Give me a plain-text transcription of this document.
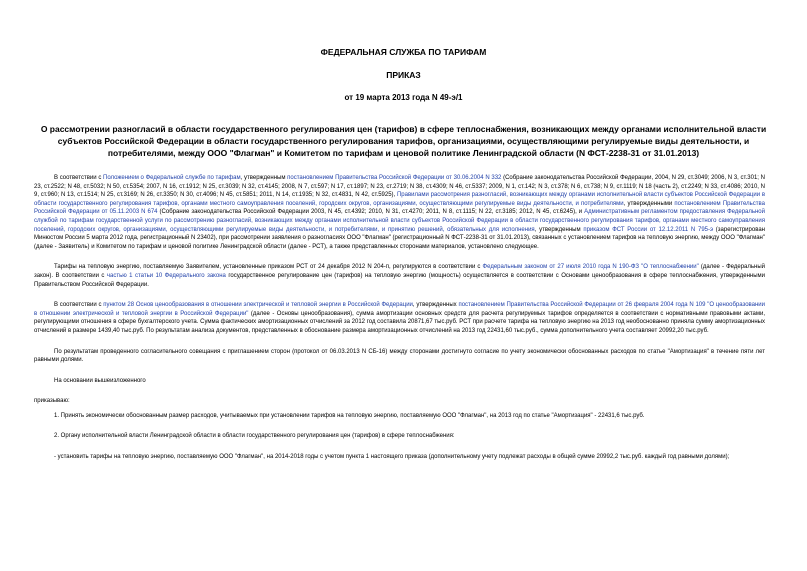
ФЕДЕРАЛЬНАЯ СЛУЖБА ПО ТАРИФАМ
ПРИКАЗ
от 19 марта 2013 года N 49-э/1
О рассмотрении разногласий в области государственного регулирования цен (тарифов) в сфере теплоснабжения, возникающих между органами исполнительной власти субъектов Российской Федерации в области государственного регулирования тарифов, организациями, осуществляющими регулируемые виды деятельности, и потребителями, между ООО "Флагман" и Комитетом по тарифам и ценовой политике Ленинградской области (N ФСТ-2238-31 от 31.01.2013)

В соответствии с Положением о Федеральной службе по тарифам, утвержденным постановлением Правительства Российской Федерации от 30.06.2004 N 332 (Собрание законодательства Российской Федерации, 2004, N 29, ст.3049; 2006, N 3, ст.301; N 23, ст.2522; N 48, ст.5032; N 50, ст.5354; 2007, N 16, ст.1912; N 25, ст.3039; N 32, ст.4145; 2008, N 7, ст.597; N 17, ст.1897; N 23, ст.2719; N 38, ст.4309; N 46, ст.5337; 2009, N 1, ст.142; N 3, ст.378; N 6, ст.738; N 9, ст.1119; N 18 (часть 2), ст.2249; N 33, ст.4086; 2010, N 9, ст.960; N 13, ст.1514; N 25, ст.3169; N 26, ст.3350; N 30, ст.4096; N 45, ст.5851; 2011, N 14, ст.1935; N 32, ст.4831, N 42, ст.5925), Правилами рассмотрения разногласий, возникающих между органами исполнительной власти субъектов Российской Федерации в области государственного регулирования тарифов, органами местного самоуправления поселений, городских округов, организациями, осуществляющими регулируемые виды деятельности, и потребителями, утвержденными постановлением Правительства Российской Федерации от 05.11.2003 N 674 (Собрание законодательства Российской Федерации 2003, N 45, ст.4392; 2010, N 31, ст.4270; 2011, N 8, ст.1115; N 22, ст.3185; 2012, N 45, ст.6245), и Административным регламентом предоставления Федеральной службой по тарифам государственной услуги по рассмотрению разногласий, возникающих между органами исполнительной власти субъектов Российской Федерации в области государственного регулирования тарифов, органами местного самоуправления поселений, городских округов, организациями, осуществляющими регулируемые виды деятельности, и потребителями, и принятию решений, обязательных для исполнения, утвержденным приказом ФСТ России от 12.12.2011 N 795-э (зарегистрирован Минюстом России 5 марта 2012 года, регистрационный N 23402), при рассмотрении заявления о разногласиях ООО "Флагман" (регистрационный N ФСТ-2238-31 от 31.01.2013), связанных с установлением тарифов на тепловую энергию, между ООО "Флагман" (далее - Заявитель) и Комитетом по тарифам и ценовой политике Ленинградской области (далее - РСТ), а также представленных сторонами материалов, установлено следующее.

Тарифы на тепловую энергию, поставляемую Заявителем, установленные приказом РСТ от 24 декабря 2012 N 204-п, регулируются в соответствии с Федеральным законом от 27 июля 2010 года N 190-ФЗ "О теплоснабжении" (далее - Федеральный закон). В соответствии с частью 1 статьи 10 Федерального закона государственное регулирование цен (тарифов) на тепловую энергию (мощность) осуществляется в соответствии с Основами ценообразования в сфере теплоснабжения, утвержденными Правительством Российской Федерации.

В соответствии с пунктом 28 Основ ценообразования в отношении электрической и тепловой энергии в Российской Федерации, утвержденных постановлением Правительства Российской Федерации от 26 февраля 2004 года N 109 "О ценообразовании в отношении электрической и тепловой энергии в Российской Федерации" (далее - Основы ценообразования), сумма амортизации основных средств для расчета регулируемых тарифов определяется в соответствии с нормативными правовыми актами, регулирующими отношения в сфере бухгалтерского учета. Сумма фактических амортизационных отчислений за 2012 год составила 20871,67 тыс.руб. РСТ при расчете тарифа на тепловую энергию на 2013 год необоснованно приняла сумму амортизационных отчислений в размере 1439,40 тыс.руб. По результатам анализа документов, представленных в обоснование размера амортизационных отчислений на 2013 год 22431,60 тыс.руб., сумма дополнительного учета составляет 20992,20 тыс.руб.

По результатам проведенного согласительного совещания с приглашением сторон (протокол от 06.03.2013 N СБ-16) между сторонами достигнуто согласие по учету экономически обоснованных расходов по статье "Амортизация" в течение пяти лет равными долями.

На основании вышеизложенного

приказываю:

1. Принять экономически обоснованным размер расходов, учитываемых при установлении тарифов на тепловую энергию, поставляемую ООО "Флагман", на 2013 год по статье "Амортизация" - 22431,6 тыс.руб.

2. Органу исполнительной власти Ленинградской области в области государственного регулирования цен (тарифов) в сфере теплоснабжения:

- установить тарифы на тепловую энергию, поставляемую ООО "Флагман", на 2014-2018 годы с учетом пункта 1 настоящего приказа (дополнительному учету подлежат расходы в общей сумме 20992,2 тыс.руб. каждый год равными долями);
